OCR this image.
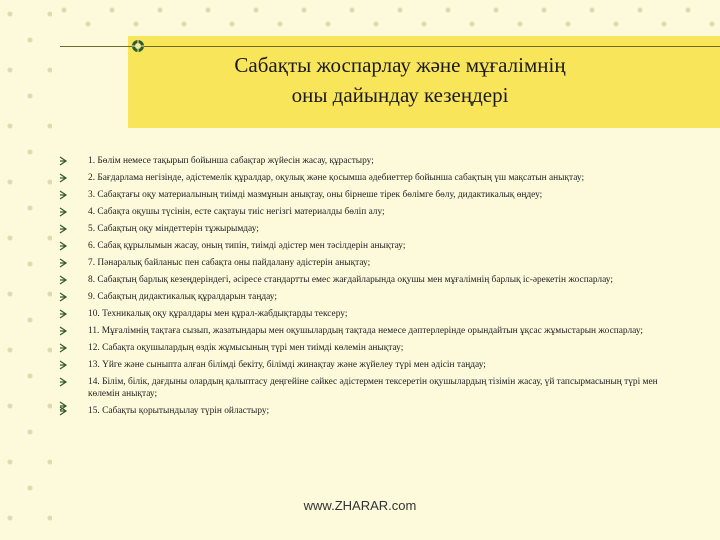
Сабақты жоспарлау және мұғалімнің
оны дайындау кезеңдері
1. Бөлім немесе тақырып бойынша сабақтар жүйесін жасау, құрастыру;
2. Бағдарлама негізінде, әдістемелік құралдар, оқулық және қосымша әдебиеттер бойынша сабақтың үш мақсатын анықтау;
3. Сабақтағы оқу материалының тиімді мазмұнын анықтау, оны бірнеше тірек бөлімге бөлу, дидактикалық өңдеу;
4. Сабақта оқушы түсінін, есте сақтауы тиіс негізгі материалды бөліп алу;
5. Сабақтың оқу міндеттерін тұжырымдау;
6. Сабақ құрылымын жасау, оның типін, тиімді әдістер мен тәсілдерін анықтау;
7. Пәнаралық байланыс пен сабақта оны пайдалану әдістерін анықтау;
8. Сабақтың барлық кезеңдеріндегі, әсіресе стандартты емес жағдайларында оқушы мен мұғалімнің барлық іс-әрекетін жоспарлау;
9. Сабақтың дидактикалық құралдарын таңдау;
10. Техникалық оқу құралдары мен құрал-жабдықтарды тексеру;
11. Мұғалімнің тақтаға сызып, жазатындары мен оқушылардың тақтада немесе дәптерлерінде орындайтын ұқсас жұмыстарын жоспарлау;
12. Сабақта оқушылардың өздік жұмысының түрі мен тиімді көлемін анықтау;
13. Үйге және сыныпта алған білімді бекіту, білімді жинақтау және жүйелеу түрі мен әдісін таңдау;
14. Білім, білік, дағдыны олардың қалыптасу деңгейіне сәйкес әдістермен тексеретін оқушылардың тізімін жасау, үй тапсырмасының түрі мен көлемін анықтау;
15. Сабақты қорытындылау түрін ойластыру;
www.ZHARAR.com
